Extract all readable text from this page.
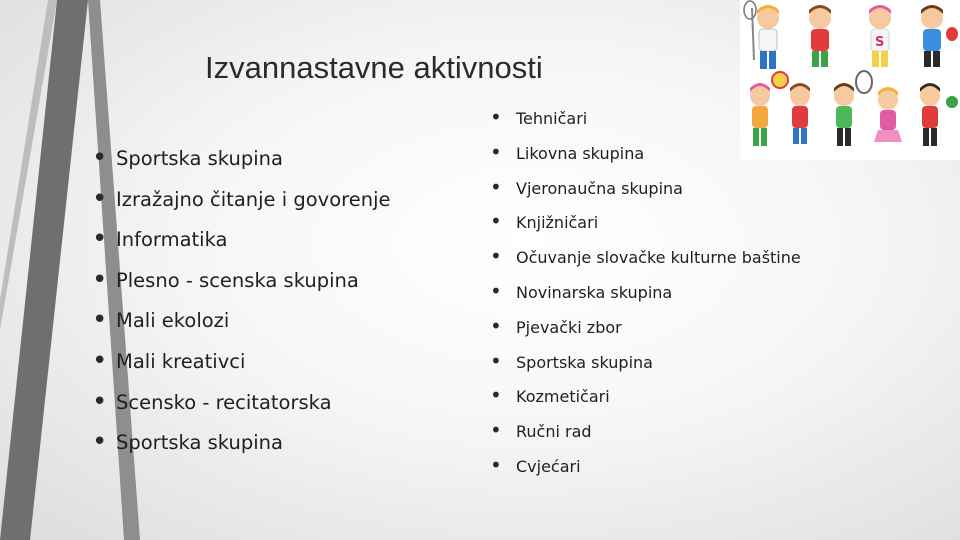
Izvannastavne aktivnosti
• Sportska skupina
• Izražajno čitanje i govorenje
• Informatika
• Plesno - scenska skupina
• Mali ekolozi
• Mali kreativci
• Scensko - recitatorska
• Sportska skupina
• Tehničari
• Likovna skupina
• Vjeronaučna skupina
• Knjižničari
• Očuvanje slovačke kulturne baštine
• Novinarska skupina
• Pjevački zbor
• Sportska skupina
• Kozmetičari
• Ručni rad
• Cvjećari
S
